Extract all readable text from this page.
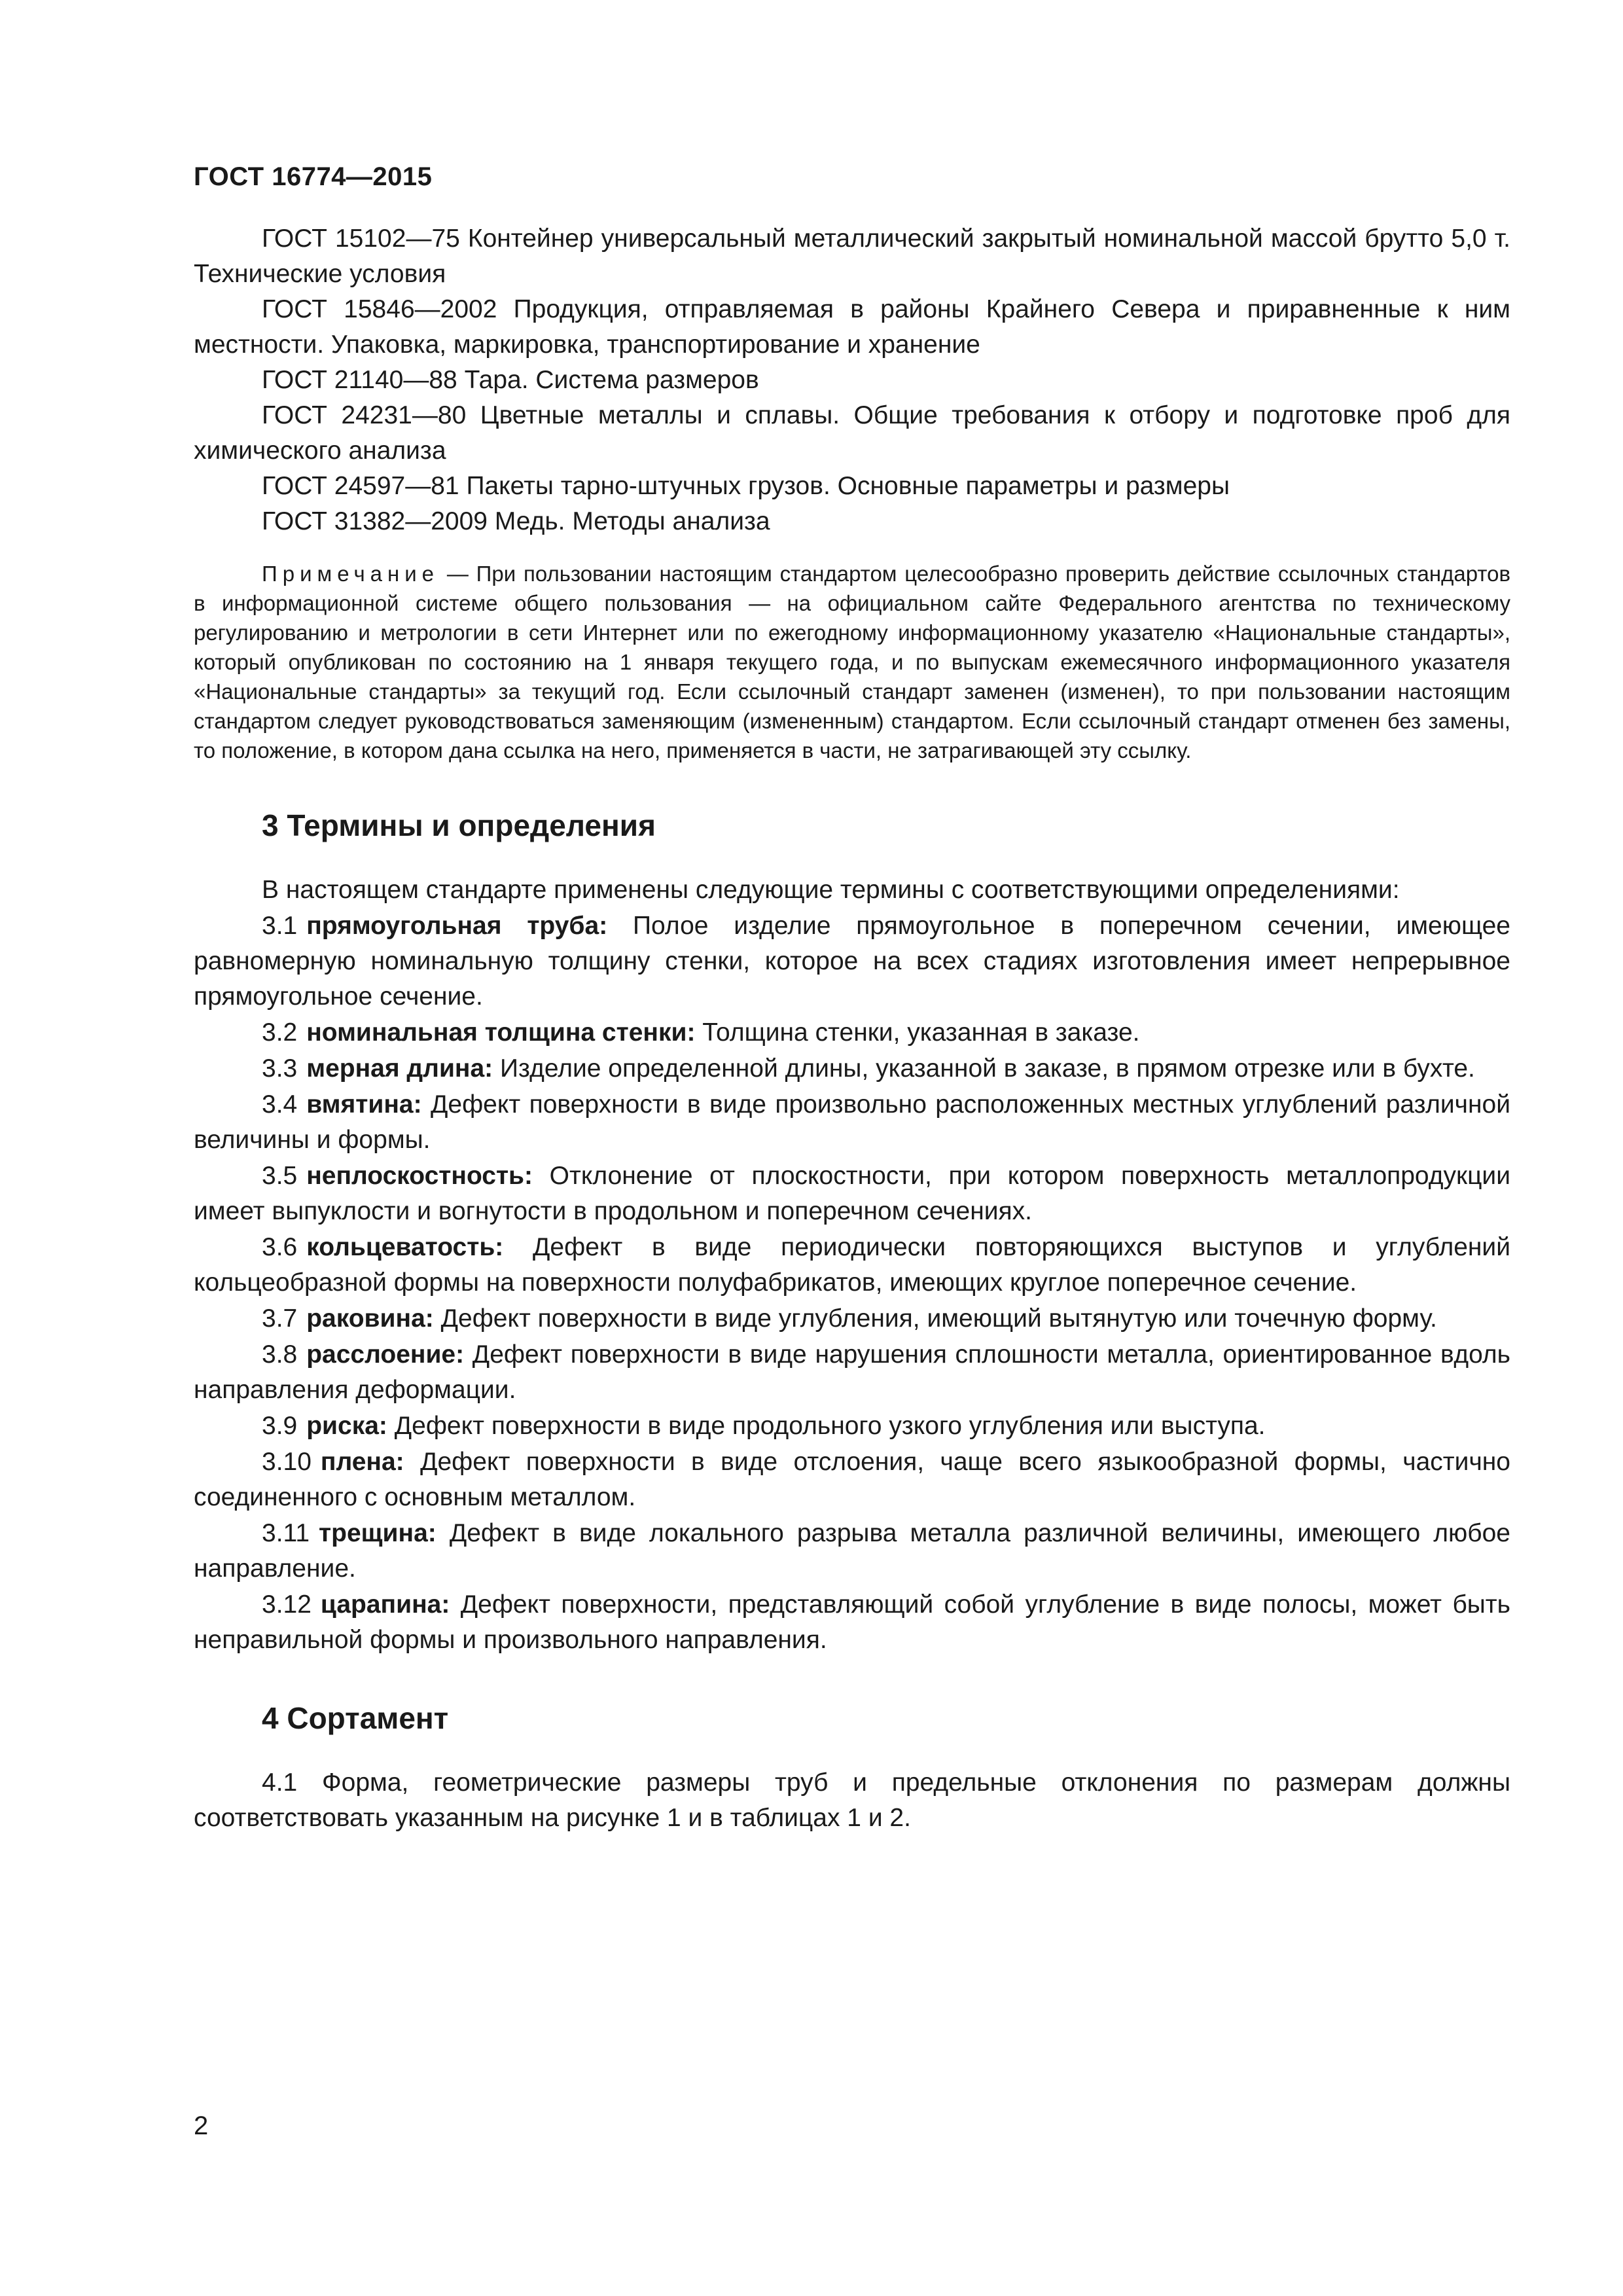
ГОСТ 16774—2015

ГОСТ 15102—75 Контейнер универсальный металлический закрытый номинальной массой брутто 5,0 т. Технические условия

ГОСТ 15846—2002 Продукция, отправляемая в районы Крайнего Севера и приравненные к ним местности. Упаковка, маркировка, транспортирование и хранение

ГОСТ 21140—88 Тара. Система размеров

ГОСТ 24231—80 Цветные металлы и сплавы. Общие требования к отбору и подготовке проб для химического анализа

ГОСТ 24597—81 Пакеты тарно-штучных грузов. Основные параметры и размеры

ГОСТ 31382—2009 Медь. Методы анализа

Примечание — При пользовании настоящим стандартом целесообразно проверить действие ссылочных стандартов в информационной системе общего пользования — на официальном сайте Федерального агентства по техническому регулированию и метрологии в сети Интернет или по ежегодному информационному указателю «Национальные стандарты», который опубликован по состоянию на 1 января текущего года, и по выпускам ежемесячного информационного указателя «Национальные стандарты» за текущий год. Если ссылочный стандарт заменен (изменен), то при пользовании настоящим стандартом следует руководствоваться заменяющим (измененным) стандартом. Если ссылочный стандарт отменен без замены, то положение, в котором дана ссылка на него, применяется в части, не затрагивающей эту ссылку.

3 Термины и определения

В настоящем стандарте применены следующие термины с соответствующими определениями:

3.1 прямоугольная труба: Полое изделие прямоугольное в поперечном сечении, имеющее равномерную номинальную толщину стенки, которое на всех стадиях изготовления имеет непрерывное прямоугольное сечение.

3.2 номинальная толщина стенки: Толщина стенки, указанная в заказе.

3.3 мерная длина: Изделие определенной длины, указанной в заказе, в прямом отрезке или в бухте.

3.4 вмятина: Дефект поверхности в виде произвольно расположенных местных углублений различной величины и формы.

3.5 неплоскостность: Отклонение от плоскостности, при котором поверхность металлопродукции имеет выпуклости и вогнутости в продольном и поперечном сечениях.

3.6 кольцеватость: Дефект в виде периодически повторяющихся выступов и углублений кольцеобразной формы на поверхности полуфабрикатов, имеющих круглое поперечное сечение.

3.7 раковина: Дефект поверхности в виде углубления, имеющий вытянутую или точечную форму.

3.8 расслоение: Дефект поверхности в виде нарушения сплошности металла, ориентированное вдоль направления деформации.

3.9 риска: Дефект поверхности в виде продольного узкого углубления или выступа.

3.10 плена: Дефект поверхности в виде отслоения, чаще всего языкообразной формы, частично соединенного с основным металлом.

3.11 трещина: Дефект в виде локального разрыва металла различной величины, имеющего любое направление.

3.12 царапина: Дефект поверхности, представляющий собой углубление в виде полосы, может быть неправильной формы и произвольного направления.

4 Сортамент

4.1 Форма, геометрические размеры труб и предельные отклонения по размерам должны соответствовать указанным на рисунке 1 и в таблицах 1 и 2.

2
